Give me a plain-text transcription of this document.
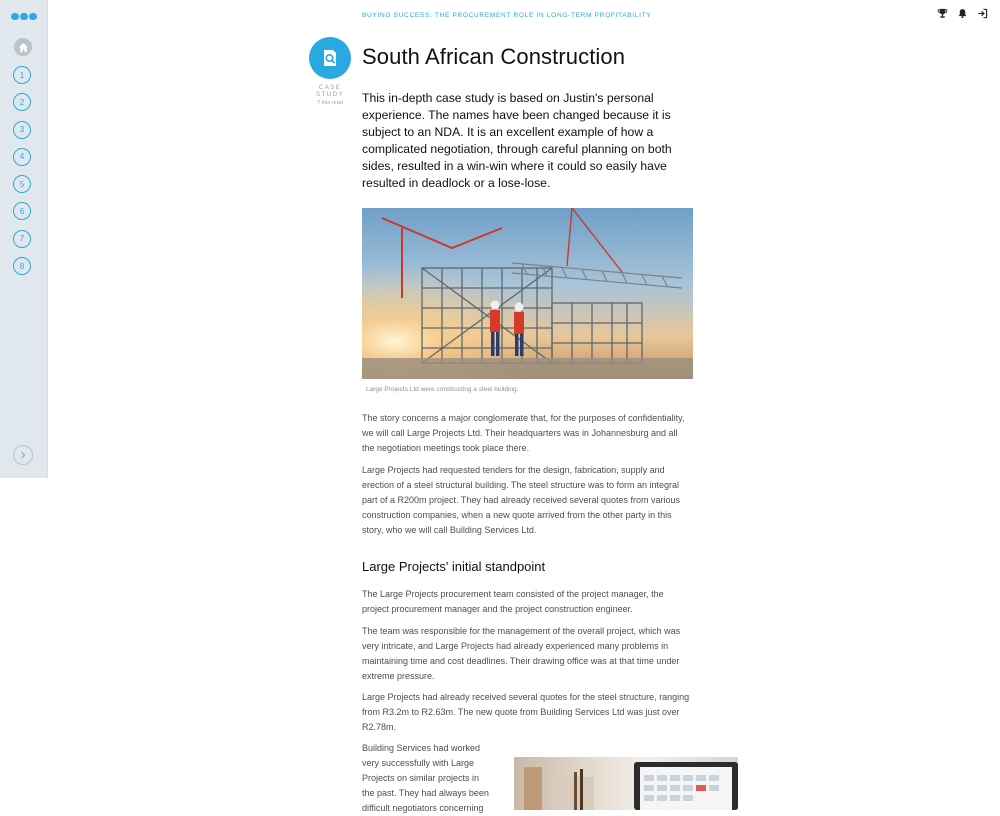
1
2
3
4
5
6
7
8
BUYING SUCCESS: THE PROCUREMENT ROLE IN LONG-TERM PROFITABILITY
CASE STUDY
7 min read
South African Construction

This in-depth case study is based on Justin's personal experience. The names have been changed because it is subject to an NDA. It is an excellent example of how a complicated negotiation, through careful planning on both sides, resulted in a win-win where it could so easily have resulted in deadlock or a lose-lose.

Large Projects Ltd were constructing a steel building.

The story concerns a major conglomerate that, for the purposes of confidentiality, we will call Large Projects Ltd. Their headquarters was in Johannesburg and all the negotiation meetings took place there.

Large Projects had requested tenders for the design, fabrication, supply and erection of a steel structural building. The steel structure was to form an integral part of a R200m project. They had already received several quotes from various construction companies, when a new quote arrived from the other party in this story, who we will call Building Services Ltd.

Large Projects' initial standpoint

The Large Projects procurement team consisted of the project manager, the project procurement manager and the project construction engineer.

The team was responsible for the management of the overall project, which was very intricate, and Large Projects had already experienced many problems in maintaining time and cost deadlines. Their drawing office was at that time under extreme pressure.

Large Projects had already received several quotes for the steel structure, ranging from R3.2m to R2.63m. The new quote from Building Services Ltd was just over R2.78m.

Building Services had worked very successfully with Large Projects on similar projects in the past. They had always been difficult negotiators concerning
